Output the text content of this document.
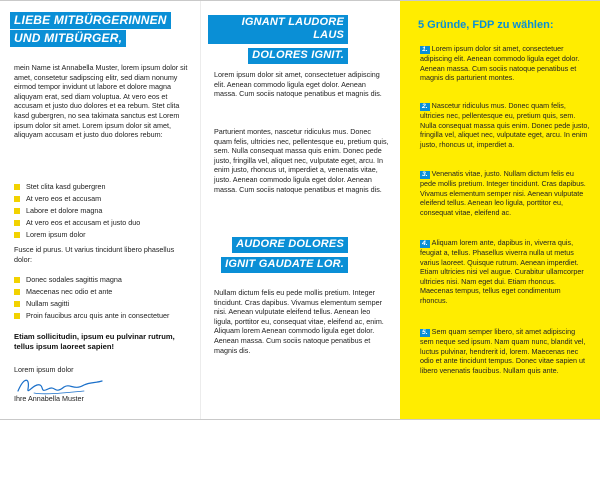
LIEBE MITBÜRGERINNEN
UND MITBÜRGER,

mein Name ist Annabella Muster, lorem ipsum dolor sit amet, consetetur sadipscing elitr, sed diam nonumy eirmod tempor invidunt ut labore et dolore magna aliquyam erat, sed diam voluptua. At vero eos et accusam et justo duo dolores et ea rebum. Stet clita kasd gubergren, no sea takimata sanctus est Lorem ipsum dolor sit amet. Lorem ipsum dolor sit amet, aliquyam accusam et justo duo dolores rebum:

Stet clita kasd gubergren
At vero eos et accusam
Labore et dolore magna
At vero eos et accusam et justo duo
Lorem ipsum dolor

Fusce id purus. Ut varius tincidunt libero phasellus dolor:

Donec sodales sagittis magna
Maecenas nec odio et ante
Nullam sagitti
Proin faucibus arcu quis ante in consectetuer

Etiam sollicitudin, ipsum eu pulvinar rutrum, tellus ipsum laoreet sapien!

Lorem ipsum dolor

Ihre Annabella Muster

IGNANT LAUDORE LAUS
DOLORES IGNIT.

Lorem ipsum dolor sit amet, consectetuer adipiscing elit. Aenean commodo ligula eget dolor. Aenean massa. Cum sociis natoque penatibus et magnis dis.

Parturient montes, nascetur ridiculus mus. Donec quam felis, ultricies nec, pellentesque eu, pretium quis, sem. Nulla consequat massa quis enim. Donec pede justo, fringilla vel, aliquet nec, vulputate eget, arcu. In enim justo, rhoncus ut, imperdiet a, venenatis vitae, justo. Aenean commodo ligula eget dolor. Aenean massa. Cum sociis natoque penatibus et magnis dis.

AUDORE DOLORES
IGNIT GAUDATE LOR.

Nullam dictum felis eu pede mollis pretium. Integer tincidunt. Cras dapibus. Vivamus elementum semper nisi. Aenean vulputate eleifend tellus. Aenean leo ligula, porttitor eu, consequat vitae, eleifend ac, enim. Aliquam lorem Aenean commodo ligula eget dolor. Aenean massa. Cum sociis natoque penatibus et magnis dis.

5 Gründe, FDP zu wählen:

1. Lorem ipsum dolor sit amet, consectetuer adipiscing elit. Aenean commodo ligula eget dolor. Aenean massa. Cum sociis natoque penatibus et magnis dis parturient montes.

2. Nascetur ridiculus mus. Donec quam felis, ultricies nec, pellentesque eu, pretium quis, sem. Nulla consequat massa quis enim. Donec pede justo, fringilla vel, aliquet nec, vulputate eget, arcu. In enim justo, rhoncus ut, imperdiet a.

3. Venenatis vitae, justo. Nullam dictum felis eu pede mollis pretium. Integer tincidunt. Cras dapibus. Vivamus elementum semper nisi. Aenean vulputate eleifend tellus. Aenean leo ligula, porttitor eu, consequat vitae, eleifend ac.

4. Aliquam lorem ante, dapibus in, viverra quis, feugiat a, tellus. Phasellus viverra nulla ut metus varius laoreet. Quisque rutrum. Aenean imperdiet. Etiam ultricies nisi vel augue. Curabitur ullamcorper ultricies nisi. Nam eget dui. Etiam rhoncus. Maecenas tempus, tellus eget condimentum rhoncus.

5. Sem quam semper libero, sit amet adipiscing sem neque sed ipsum. Nam quam nunc, blandit vel, luctus pulvinar, hendrerit id, lorem. Maecenas nec odio et ante tincidunt tempus. Donec vitae sapien ut libero venenatis faucibus. Nullam quis ante.
